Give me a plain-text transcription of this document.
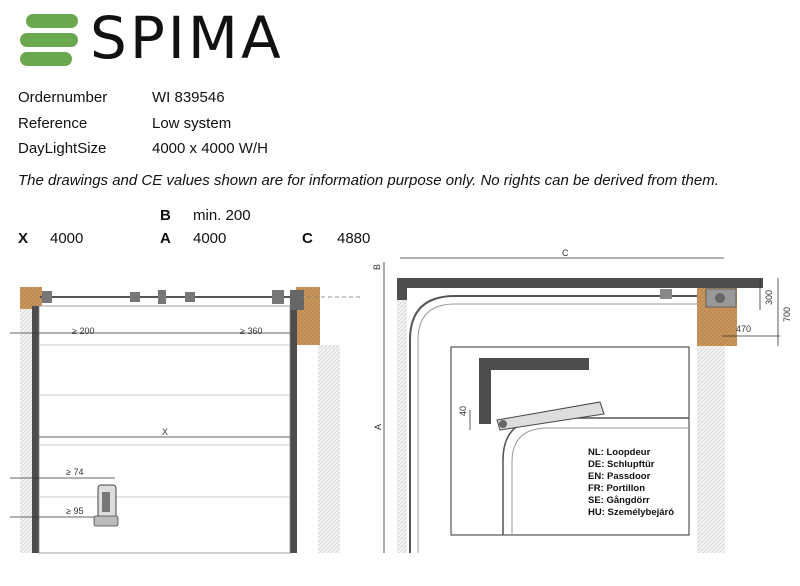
SPIMA
Ordernumber	WI 839546
Reference	Low system
DayLightSize	4000 x 4000 W/H
The drawings and CE values shown are for information purpose only. No rights can be derived from them.
B min. 200
X 4000	A 4000	C 4880
≥ 200	≥ 360
X
≥ 74
≥ 95
C
B
A
300
700
470
40
NL: Loopdeur
DE: Schlupftür
EN: Passdoor
FR: Portillon
SE: Gångdörr
HU: Személybejáró
